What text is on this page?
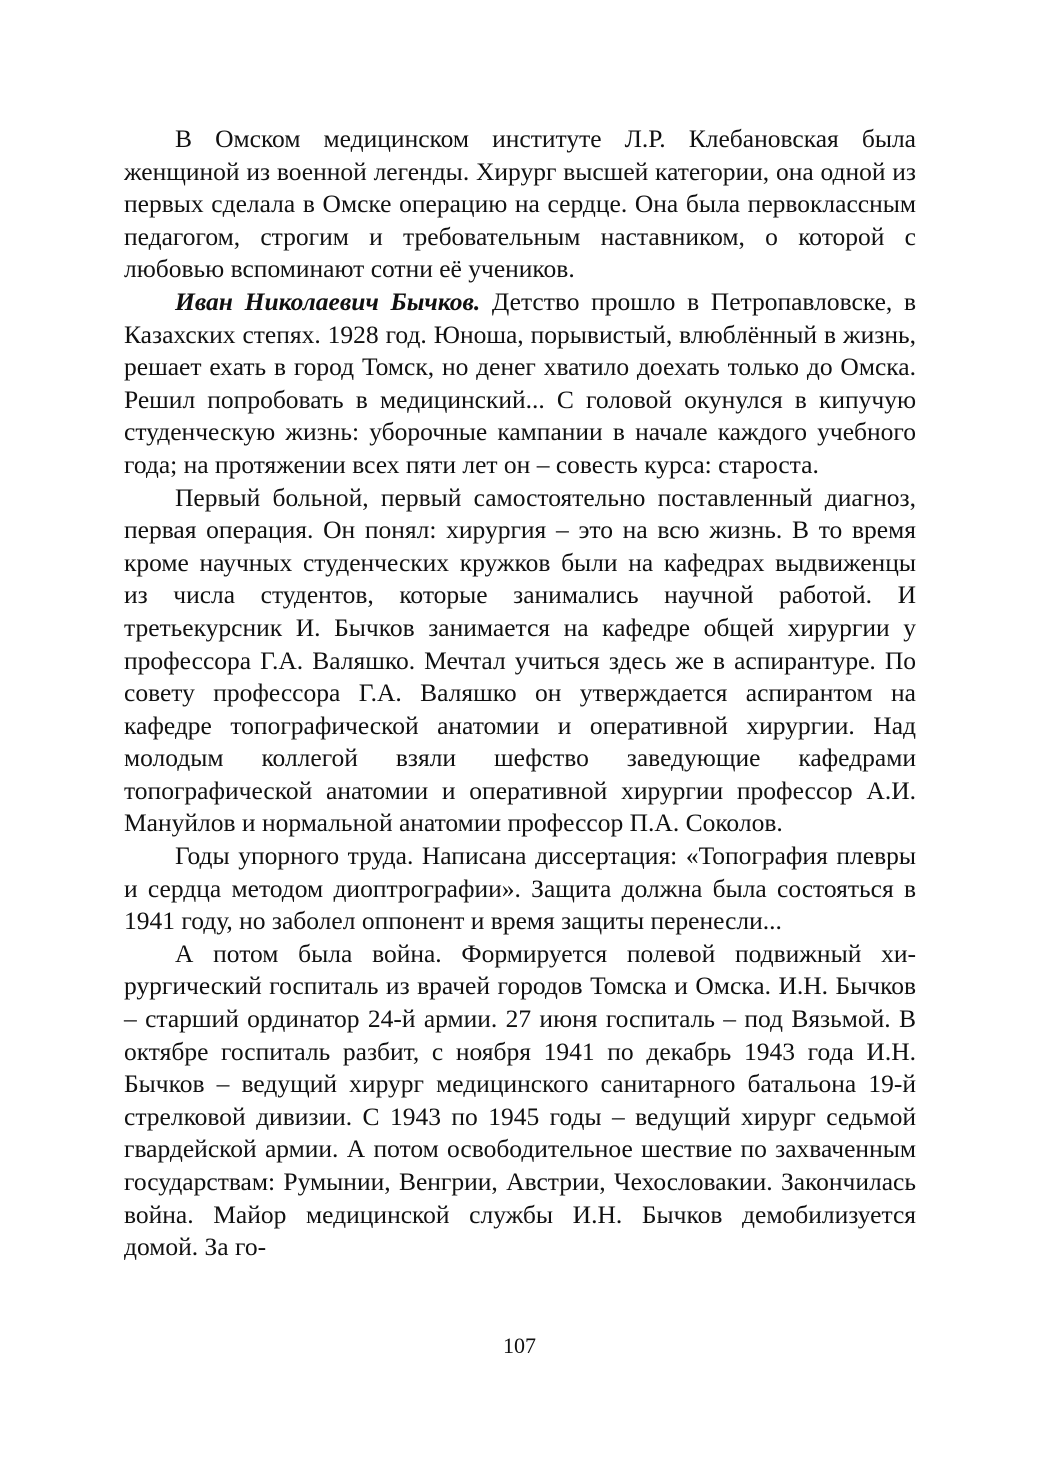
В Омском медицинском институте Л.Р. Клебановская была женщиной из военной легенды. Хирург высшей категории, она одной из первых сделала в Омске операцию на сердце. Она была первоклассным педагогом, строгим и требовательным наставником, о которой с любовью вспоминают сотни её учеников.

Иван Николаевич Бычков. Детство прошло в Петропавловске, в Казахских степях. 1928 год. Юноша, порывистый, влюблённый в жизнь, решает ехать в город Томск, но денег хватило доехать только до Омска. Решил попробовать в медицинский... С головой окунулся в кипучую студенческую жизнь: уборочные кампании в начале каждого учебного года; на протяжении всех пяти лет он – совесть курса: староста.

Первый больной, первый самостоятельно поставленный диагноз, первая операция. Он понял: хирургия – это на всю жизнь. В то время кроме научных студенческих кружков были на кафедрах выдвиженцы из числа студентов, которые занимались научной работой. И третьекурсник И. Бычков занимается на кафедре общей хирургии у профессора Г.А. Валяшко. Мечтал учиться здесь же в аспирантуре. По совету профессора Г.А. Валяшко он утверждается аспирантом на кафедре топографической анатомии и оперативной хирургии. Над молодым коллегой взяли шефство заведующие кафедрами топографической анатомии и оперативной хирургии профессор А.И. Мануйлов и нормальной анатомии профессор П.А. Соколов.

Годы упорного труда. Написана диссертация: «Топография плевры и сердца методом диоптрографии». Защита должна была состояться в 1941 году, но заболел оппонент и время защиты перенесли...

А потом была война. Формируется полевой подвижный хирургический госпиталь из врачей городов Томска и Омска. И.Н. Бычков – старший ординатор 24-й армии. 27 июня госпиталь – под Вязьмой. В октябре госпиталь разбит, с ноября 1941 по декабрь 1943 года И.Н. Бычков – ведущий хирург медицинского санитарного батальона 19-й стрелковой дивизии. С 1943 по 1945 годы – ведущий хирург седьмой гвардейской армии. А потом освободительное шествие по захваченным государствам: Румынии, Венгрии, Австрии, Чехословакии. Закончилась война. Майор медицинской службы И.Н. Бычков демобилизуется домой. За го-

107
